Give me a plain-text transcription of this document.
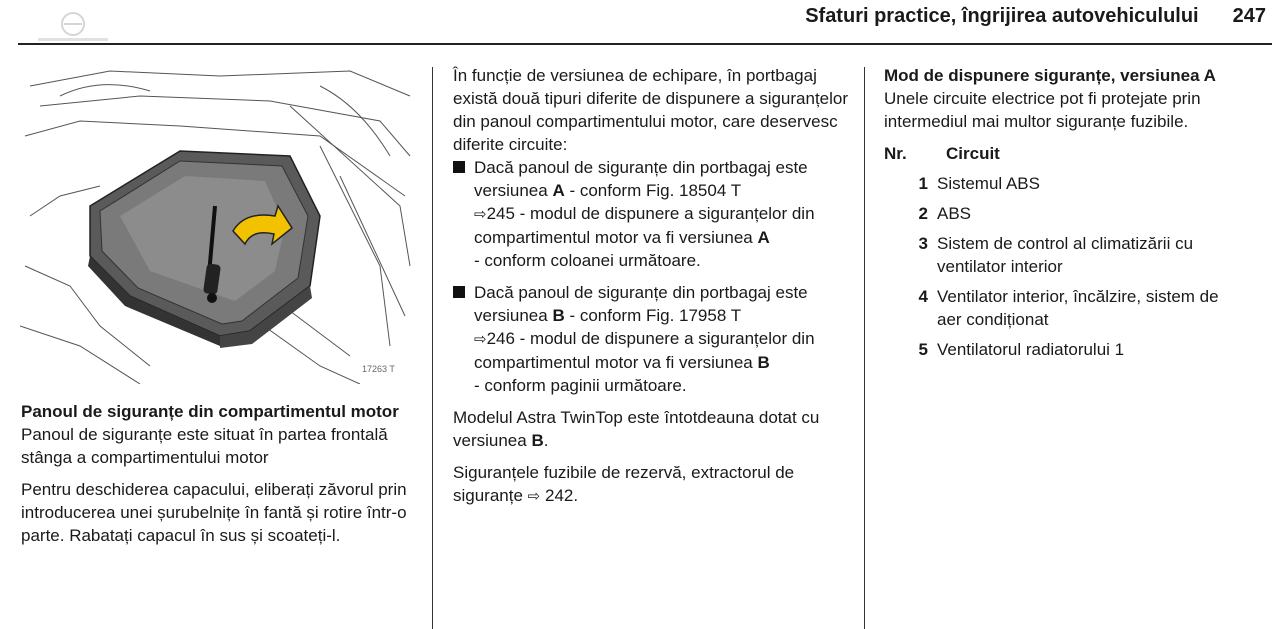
Sfaturi practice, îngrijirea autovehiculului 247
17263 T

Panoul de siguranțe din compartimentul motor

Panoul de siguranțe este situat în partea frontală stânga a compartimentului motor

Pentru deschiderea capacului, eliberați zăvorul prin introducerea unei șurubelnițe în fantă și rotire într-o parte. Rabatați capacul în sus și scoateți-l.

În funcție de versiunea de echipare, în portbagaj există două tipuri diferite de dispunere a siguranțelor din panoul compartimentului motor, care deservesc diferite circuite:

Dacă panoul de siguranțe din portbagaj este versiunea A - conform Fig. 18504 T
⇨245 - modul de dispunere a siguranțelor din compartimentul motor va fi versiunea A
- conform coloanei următoare.
Dacă panoul de siguranțe din portbagaj este versiunea B - conform Fig. 17958 T
⇨246 - modul de dispunere a siguranțelor din compartimentul motor va fi versiunea B
- conform paginii următoare.

Modelul Astra TwinTop este întotdeauna dotat cu versiunea B.

Siguranțele fuzibile de rezervă, extractorul de siguranțe ⇨ 242.

Mod de dispunere siguranțe, versiunea A

Unele circuite electrice pot fi protejate prin intermediul mai multor siguranțe fuzibile.

Nr.	Circuit
1 Sistemul ABS
2 ABS
3 Sistem de control al climatizării cu ventilator interior
4 Ventilator interior, încălzire, sistem de aer condiționat
5 Ventilatorul radiatorului 1
